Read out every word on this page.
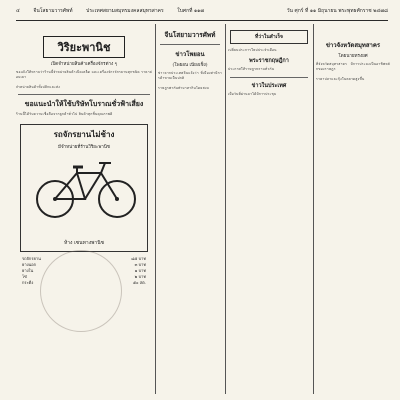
๔	จีนโสยามวารศัพท์	ประเทศสยามสมุทรมงคลสมุทรสาคร	ใบศกที่ ๑๑๗	วัน ศุกร์ ที่ ๑๑ มิถุนายน พระพุทธศักราช ๒๔๗๘
วิริยะพานิช
เปิดจำหน่ายสินค้าเครื่องจักรต่าง ๆ

ขอแจ้งให้ทราบว่าร้านนี้จำหน่ายสินค้าเบ็ดเตล็ด และเครื่องจักรจักรยานทุกชนิด ราคาย่อมเยา

จำหน่ายสินค้าทั้งปลีกและส่ง

ขอแนะนำให้ใช้บริษัทโบราณชั่วฟ้าเสี่ยง

ร้านนี้ได้รับความเชื่อถือจากลูกค้าทั่วไป สินค้าทุกชิ้นคุณภาพดี

รถจักรยานไม่ช้าง
มีจำหน่ายที่ร้านวิริยะพานิช
ห้าง เซนทางพานิช
รถจักรยาน	๘๕ บาท
ยางนอก	๓ บาท
ยางใน	๑ บาท
โซ่	๒ บาท
กระดิ่ง	๕๐ สต.
จีนโสยามวารศัพท์
ข่าวโพยอน
(โพยอน เนียงเช็ง)

ข่าวจากประเทศจีนแจ้งว่า ที่เมืองท่ามีการค้าขายเป็นปกติ

ราษฎรพากันทำมาหากินโดยสงบ

ที่ว่าในสำเร็จ

เปลี่ยนประการใหม่ประจำเดือน

พระราชกฤษฎีกา

ประกาศให้ราษฎรทราบทั่วกัน

ข่าวในประเทศ

เมื่อวันที่ผ่านมาได้มีการประชุม

ข่าวจังหวัดสมุทสาคร
โดยนายทรงยศ

ที่จังหวัดสมุทรสาคร มีการประมงเป็นอาชีพหลักของราษฎร

ราคาปลาและกุ้งในตลาดสูงขึ้น
